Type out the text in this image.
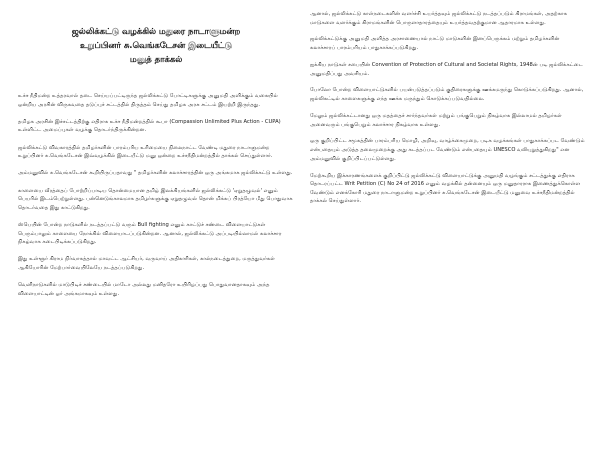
ஜல்லிக்கட்டு வழக்கில் மதுரை நாடாளுமன்ற
உறுப்பினர் சு.வெங்கடேசன் இடையீட்டு
மனுத் தாக்கல்

உச்ச நீதிமன்ற உத்தரவால் தடை செய்யப்பட்டிருந்த ஜல்லிக்கட்டு போட்டிகளுக்கு அனுமதி அளிக்கும் வகையில் ஒன்றிய அரசின் விருகவதை தடுப்புச் சட்டத்தில் திருத்தம் செய்து தமிழக அரசு சட்டம் இயற்றி இருந்தது.

தமிழக அரசின் இச்சட்டத்திற்கு எதிராக உச்ச நீதிமன்றத்தில் கூபா (Compassion Unlimited Plus Action - CUPA) உள்ளிட்ட அமைப்புகள் வழக்கு தொடர்ந்திருக்கின்றன.

ஜல்லிக்கட்டு விவகாரத்தில் தமிழர்களின் பாரம்பரிய உரிமையை நிலைநாட்ட வேண்டி மதுரை நாடாளுமன்ற உறுப்பினர் சு.வெங்கடேசன் இவ்வழக்கில் இடையீட்டு மனு ஒன்றை உச்சநீதிமன்றத்தில் தாக்கல் செய்துள்ளார்.

அம்மனுவில் சு.வெங்கடேசன் கூறியிருப்பதாவது " தமிழர்களின் கலாச்சாரத்தின் ஒரு அங்கமாக ஜல்லிக்கட்டு உள்ளது.

காளையை வீரத்தைப் போற்றிப்பாடிய தொன்மையான தமிழ் இலக்கியங்களில் ஜல்லிக்கட்டு 'ஏறுதழுவல்' எனும் பெயரில் இடம்பெற்றுள்ளது. பன்னெடுங்காலமாக தமிழர்களுக்கு ஏறுதழுவல் தொன் மிக்கப் பிரத்யோ மீது பொதுவாக தொடர்வதை இது காட்டுகிறது.

ஸ்பெயின் போன்ற நாடுகளில் நடத்தப்பட்டு வரும் Bull fighting எனும் காட்டுச் சண்டை விளையாட்டுகள் பெரும்பாலும் காளையை நோக்கில் விளையாடப்படுகின்றன. ஆனால், ஜல்லிக்கட்டு அப்படியில்லாமல் கலாச்சார நிகழ்வாக கடைபிடிக்கப்படுகிறது.

இது உள்ளூர் கிராம நிர்வாகத்தால் மாவட்ட ஆட்சியர், வருவாய் அதிகாரிகள், கால்நடைத்துறை, மருத்துவர்கள் ஆகியோரின் மேற்பார்வையிலேயே நடத்தப்படுகிறது.

வெளிநாடுகளில் மாடுபிடிச் சண்டையில் மாடோ அல்லது மனிதரோ உயிரிழப்பது பொதுவானதாகவும் அந்த விளையாட்டின் ஓர் அங்கமாகவும் உள்ளது.

ஆனால், ஜல்லிக்கட்டு காள்நடைகளின் வளர்ச்சி உயர்த்தவும் ஜல்லிக்கட்டு நடத்தப்படும் கிராமங்கள், அதற்காக மாடுகளை வளர்க்கும் கிராமங்களின் பொருளாதாரத்தையும் உயர்த்தவதற்குமான ஆதாரமாக உள்ளது.

ஜல்லிக்கட்டுக்கு அனுமதி அளித்த அரசாணையால் நாட்டு மாடுகளின் இனப்பெருக்கம் மற்றும் தமிழர்களின் கலாச்சாரப் பாரம்பரியம் பாதுகாக்கப்படுகிறது.

ஐக்கிய நாடுகள் சபையின் Convention of Protection of Cultural and Societal Rights, 1948ன் படி ஜல்லிக்கட்டை அனுமதிப்பது அவசியம்.

போலோ போன்ற விளையாட்டுகளில் பயன்படுத்தப்படும் குதிரைகளுக்கு ஊக்கமருந்து கொடுக்கப்படுகிறது. ஆனால், ஜல்லிகட்டில் காளைகளுக்கு எந்த ஊக்க மருந்தும் கொடுக்கப்படுவதில்லை.

மேலும் ஜல்லிக்கட்டானது ஒரு மதத்தைச் சார்ந்தவர்கள் மற்றும் பங்குபெறும் நிகழ்வாக இல்லாமல் தமிழர்கள் அனைவரும் பங்குபெறும் கலாச்சார நிகழ்வாக உள்ளது.

ஒரு குறிப்பிட்ட சமூகத்தின் பாரம்பரிய மொழி, அறிவு, வாழ்க்கைமுறை, படிக வழக்கங்கள் பாதுகாக்கப்பட வேண்டும் என்பதையும் அடுத்த தலைமுறைக்கு அது கடத்தப்பட வேண்டும் என்பதையும் UNESCO வலியுறுத்துகிறது" என அம்மனுவில் குறிப்பிடப்பட்டுள்ளது.

மேற்கூறிய இக்காரணங்களைக் குறிப்பிட்டு ஜல்லிக்கட்டு விளையாட்டுக்கு அனுமதி வழங்கும் சட்டத்துக்கு எதிராக தொடரப்பட்ட Writ Petition (C) No 24 of 2016 எனும் வழக்கில் தன்னையும் ஒரு மனுதாரராக இணைத்துக்கொள்ள வேண்டும் எனக்கோரி மதுரை நாடாளுமன்ற உறுப்பினர் சு.வெங்கடேசன் இடையீட்டு மனுவை உச்சநீதிமன்றத்தில் தாக்கல் செய்துள்ளார்.
